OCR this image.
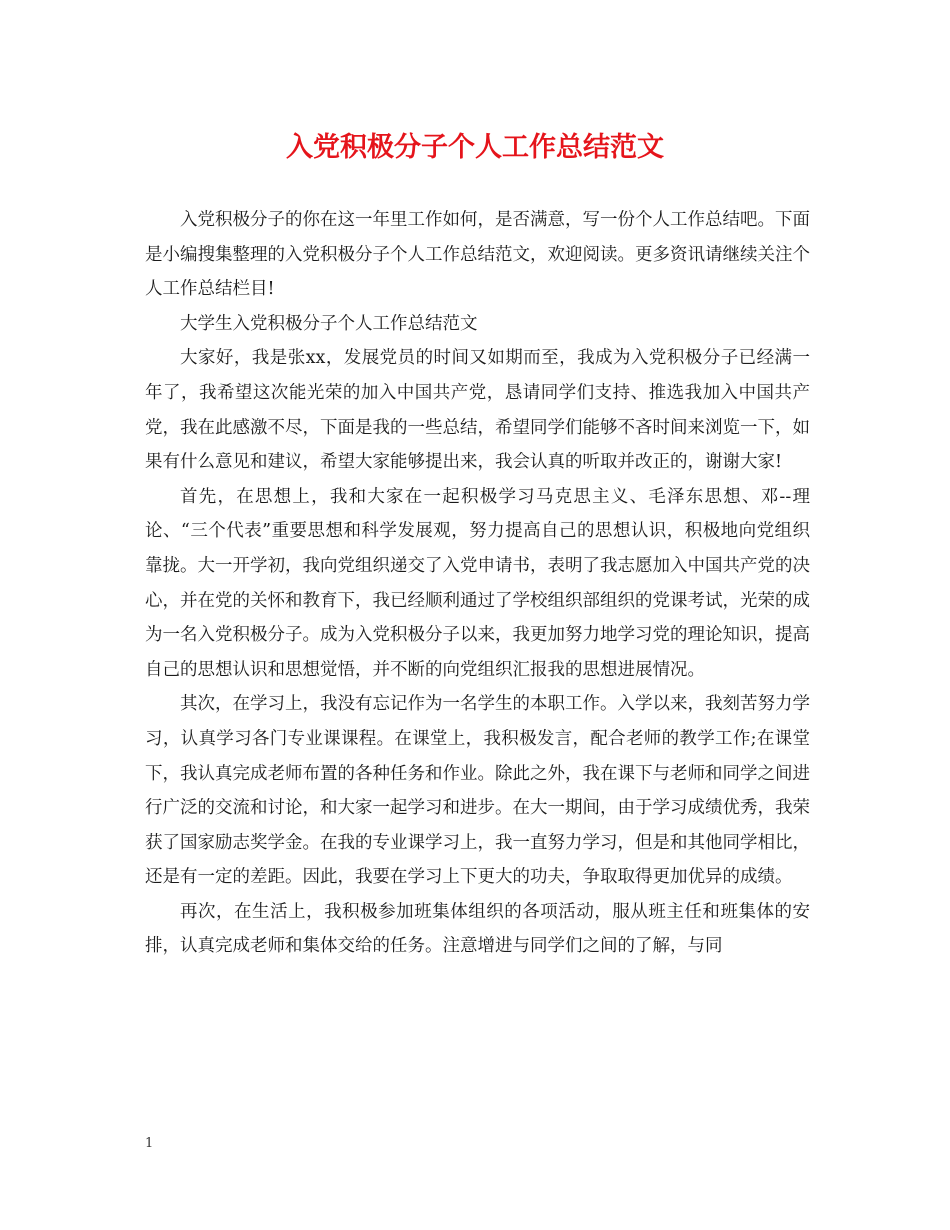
入党积极分子个人工作总结范文

入党积极分子的你在这一年里工作如何，是否满意，写一份个人工作总结吧。下面是小编搜集整理的入党积极分子个人工作总结范文，欢迎阅读。更多资讯请继续关注个人工作总结栏目!

大学生入党积极分子个人工作总结范文

大家好，我是张xx，发展党员的时间又如期而至，我成为入党积极分子已经满一年了，我希望这次能光荣的加入中国共产党，恳请同学们支持、推选我加入中国共产党，我在此感激不尽，下面是我的一些总结，希望同学们能够不吝时间来浏览一下，如果有什么意见和建议，希望大家能够提出来，我会认真的听取并改正的，谢谢大家!

首先，在思想上，我和大家在一起积极学习马克思主义、毛泽东思想、邓--理论、“三个代表”重要思想和科学发展观，努力提高自己的思想认识，积极地向党组织靠拢。大一开学初，我向党组织递交了入党申请书，表明了我志愿加入中国共产党的决心，并在党的关怀和教育下，我已经顺利通过了学校组织部组织的党课考试，光荣的成为一名入党积极分子。成为入党积极分子以来，我更加努力地学习党的理论知识，提高自己的思想认识和思想觉悟，并不断的向党组织汇报我的思想进展情况。

其次，在学习上，我没有忘记作为一名学生的本职工作。入学以来，我刻苦努力学习，认真学习各门专业课课程。在课堂上，我积极发言，配合老师的教学工作;在课堂下，我认真完成老师布置的各种任务和作业。除此之外，我在课下与老师和同学之间进行广泛的交流和讨论，和大家一起学习和进步。在大一期间，由于学习成绩优秀，我荣获了国家励志奖学金。在我的专业课学习上，我一直努力学习，但是和其他同学相比，还是有一定的差距。因此，我要在学习上下更大的功夫，争取取得更加优异的成绩。

再次，在生活上，我积极参加班集体组织的各项活动，服从班主任和班集体的安排，认真完成老师和集体交给的任务。注意增进与同学们之间的了解，与同

1
